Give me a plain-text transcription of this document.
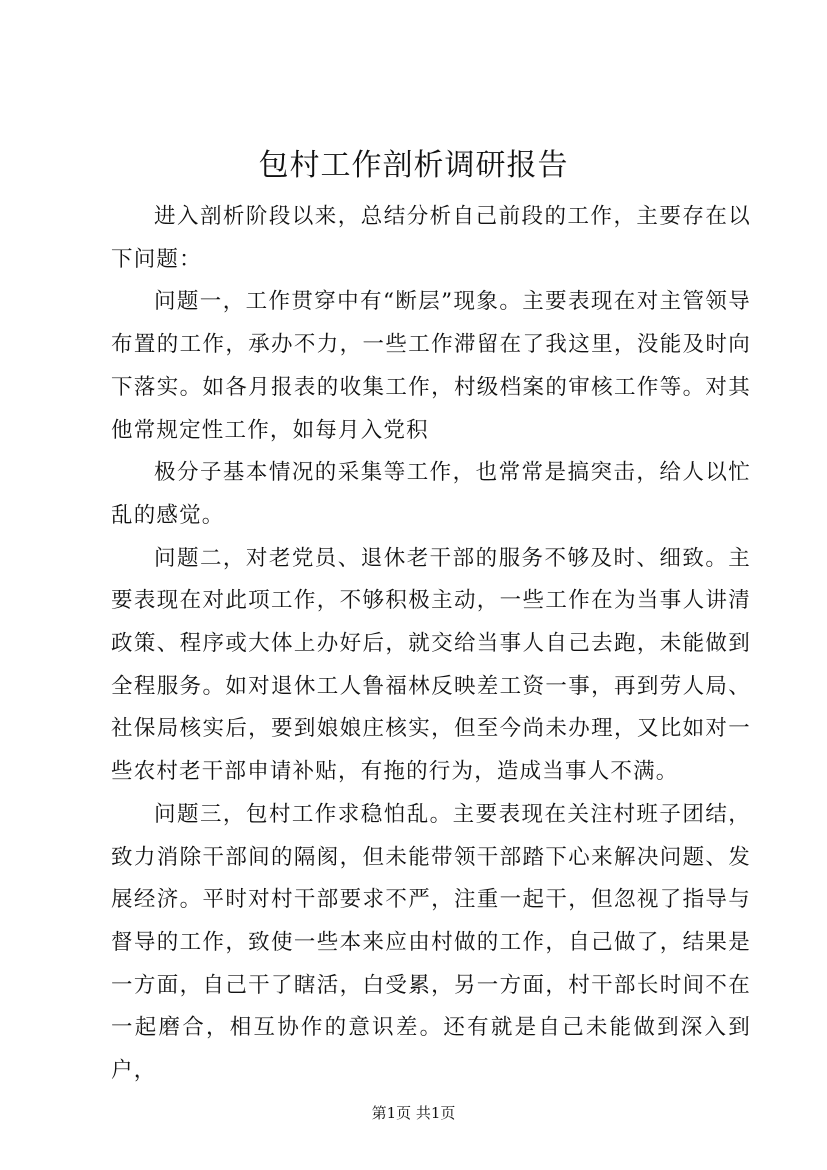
包村工作剖析调研报告

进入剖析阶段以来，总结分析自己前段的工作，主要存在以下问题：

问题一，工作贯穿中有“断层”现象。主要表现在对主管领导布置的工作，承办不力，一些工作滞留在了我这里，没能及时向下落实。如各月报表的收集工作，村级档案的审核工作等。对其他常规定性工作，如每月入党积

极分子基本情况的采集等工作，也常常是搞突击，给人以忙乱的感觉。

问题二，对老党员、退休老干部的服务不够及时、细致。主要表现在对此项工作，不够积极主动，一些工作在为当事人讲清政策、程序或大体上办好后，就交给当事人自己去跑，未能做到全程服务。如对退休工人鲁福林反映差工资一事，再到劳人局、社保局核实后，要到娘娘庄核实，但至今尚未办理，又比如对一些农村老干部申请补贴，有拖的行为，造成当事人不满。

问题三，包村工作求稳怕乱。主要表现在关注村班子团结，致力消除干部间的隔阂，但未能带领干部踏下心来解决问题、发展经济。平时对村干部要求不严，注重一起干，但忽视了指导与督导的工作，致使一些本来应由村做的工作，自己做了，结果是一方面，自己干了瞎活，白受累，另一方面，村干部长时间不在一起磨合，相互协作的意识差。还有就是自己未能做到深入到户，

第1页 共1页
